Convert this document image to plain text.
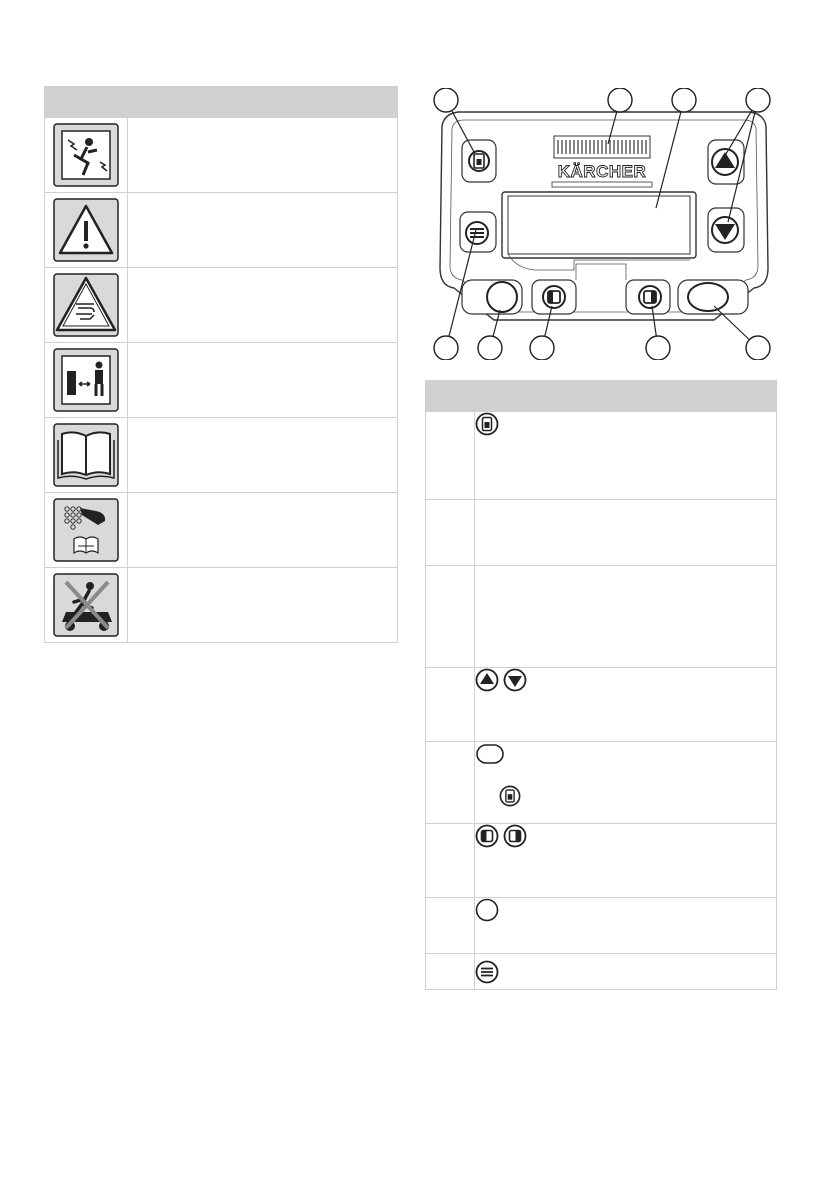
KÄRCHER
